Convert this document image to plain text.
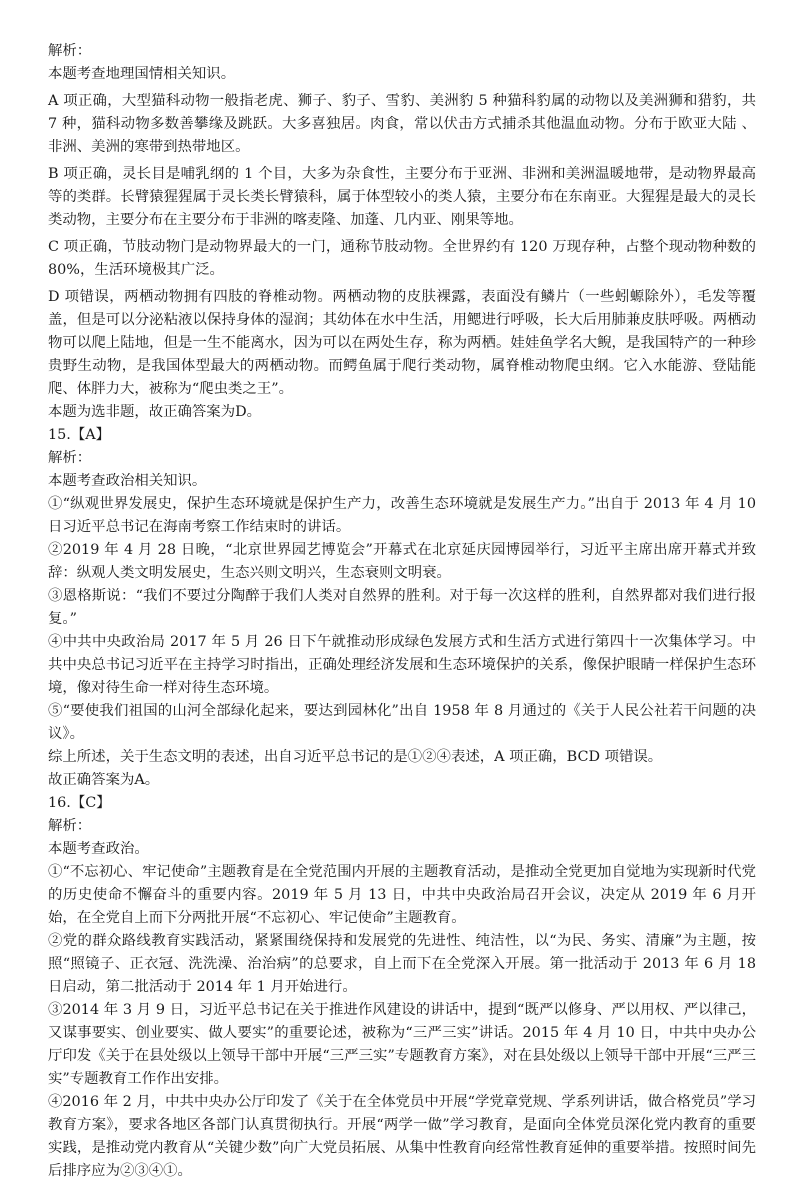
解析：

本题考查地理国情相关知识。

A 项正确，大型猫科动物一般指老虎、狮子、豹子、雪豹、美洲豹 5 种猫科豹属的动物以及美洲狮和猎豹，共 7 种，猫科动物多数善攀缘及跳跃。大多喜独居。肉食，常以伏击方式捕杀其他温血动物。分布于欧亚大陆 、非洲、美洲的寒带到热带地区。

B 项正确，灵长目是哺乳纲的 1 个目，大多为杂食性，主要分布于亚洲、非洲和美洲温暖地带，是动物界最高等的类群。长臂猿猩猩属于灵长类长臂猿科，属于体型较小的类人猿，主要分布在东南亚。大猩猩是最大的灵长类动物，主要分布在主要分布于非洲的喀麦隆、加蓬、几内亚、刚果等地。

C 项正确，节肢动物门是动物界最大的一门，通称节肢动物。全世界约有 120 万现存种，占整个现动物种数的 80%，生活环境极其广泛。

D 项错误，两栖动物拥有四肢的脊椎动物。两栖动物的皮肤裸露，表面没有鳞片（一些蚓螈除外），毛发等覆盖，但是可以分泌粘液以保持身体的湿润；其幼体在水中生活，用鳃进行呼吸，长大后用肺兼皮肤呼吸。两栖动物可以爬上陆地，但是一生不能离水，因为可以在两处生存，称为两栖。娃娃鱼学名大鲵，是我国特产的一种珍贵野生动物，是我国体型最大的两栖动物。而鳄鱼属于爬行类动物，属脊椎动物爬虫纲。它入水能游、登陆能爬、体胖力大，被称为“爬虫类之王”。

本题为选非题，故正确答案为D。

15.【A】

解析：

本题考查政治相关知识。

①“纵观世界发展史，保护生态环境就是保护生产力，改善生态环境就是发展生产力。”出自于 2013 年 4 月 10 日习近平总书记在海南考察工作结束时的讲话。

②2019 年 4 月 28 日晚，“北京世界园艺博览会”开幕式在北京延庆园博园举行，习近平主席出席开幕式并致辞：纵观人类文明发展史，生态兴则文明兴，生态衰则文明衰。

③恩格斯说：“我们不要过分陶醉于我们人类对自然界的胜利。对于每一次这样的胜利，自然界都对我们进行报复。”

④中共中央政治局 2017 年 5 月 26 日下午就推动形成绿色发展方式和生活方式进行第四十一次集体学习。中共中央总书记习近平在主持学习时指出，正确处理经济发展和生态环境保护的关系，像保护眼睛一样保护生态环境，像对待生命一样对待生态环境。

⑤“要使我们祖国的山河全部绿化起来，要达到园林化”出自 1958 年 8 月通过的《关于人民公社若干问题的决议》。

综上所述，关于生态文明的表述，出自习近平总书记的是①②④表述，A 项正确，BCD 项错误。

故正确答案为A。

16.【C】

解析：

本题考查政治。

①“不忘初心、牢记使命”主题教育是在全党范围内开展的主题教育活动，是推动全党更加自觉地为实现新时代党的历史使命不懈奋斗的重要内容。2019 年 5 月 13 日，中共中央政治局召开会议，决定从 2019 年 6 月开始，在全党自上而下分两批开展“不忘初心、牢记使命”主题教育。

②党的群众路线教育实践活动，紧紧围绕保持和发展党的先进性、纯洁性，以“为民、务实、清廉”为主题，按照“照镜子、正衣冠、洗洗澡、治治病”的总要求，自上而下在全党深入开展。第一批活动于 2013 年 6 月 18 日启动，第二批活动于 2014 年 1 月开始进行。

③2014 年 3 月 9 日，习近平总书记在关于推进作风建设的讲话中，提到“既严以修身、严以用权、严以律己，又谋事要实、创业要实、做人要实”的重要论述，被称为“三严三实”讲话。2015 年 4 月 10 日，中共中央办公厅印发《关于在县处级以上领导干部中开展“三严三实”专题教育方案》，对在县处级以上领导干部中开展“三严三实”专题教育工作作出安排。

④2016 年 2 月，中共中央办公厅印发了《关于在全体党员中开展“学党章党规、学系列讲话，做合格党员”学习教育方案》，要求各地区各部门认真贯彻执行。开展“两学一做”学习教育，是面向全体党员深化党内教育的重要实践，是推动党内教育从“关键少数”向广大党员拓展、从集中性教育向经常性教育延伸的重要举措。按照时间先后排序应为②③④①。
